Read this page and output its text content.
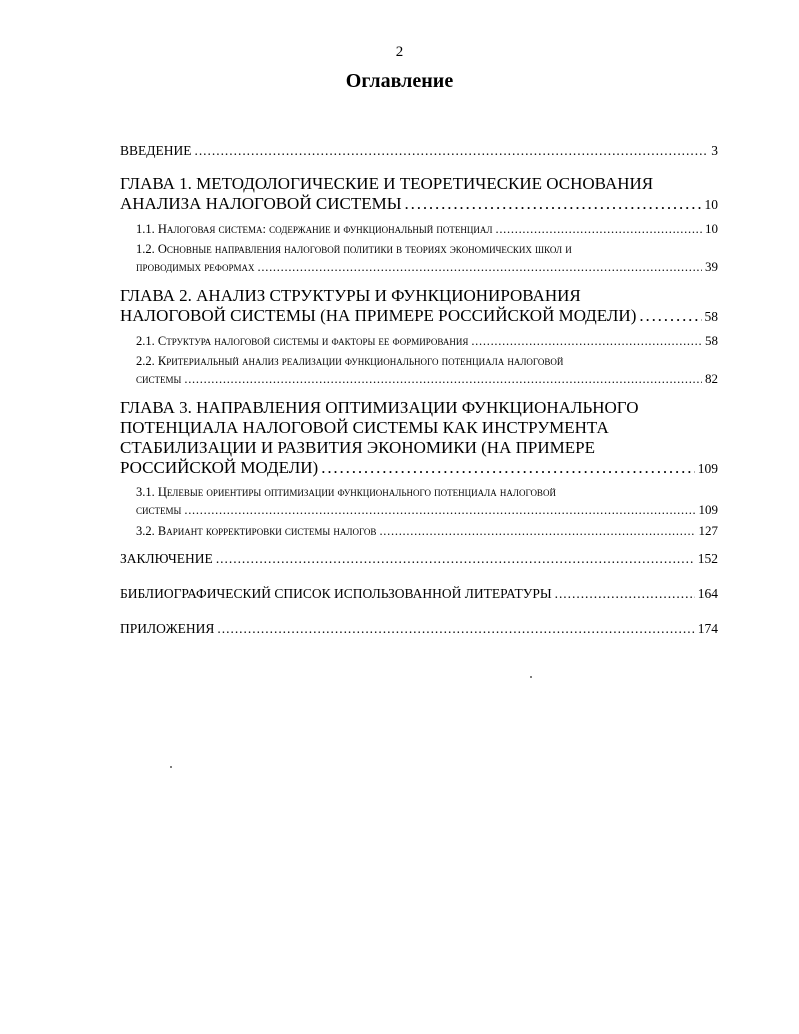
2
Оглавление
ВВЕДЕНИЕ . . .	3
ГЛАВА 1. МЕТОДОЛОГИЧЕСКИЕ И ТЕОРЕТИЧЕСКИЕ ОСНОВАНИЯ
АНАЛИЗА НАЛОГОВОЙ СИСТЕМЫ . . .	10
1.1. Налоговая система: содержание и функциональный потенциал . . .	10
1.2. Основные направления налоговой политики в теориях экономических школ и
проводимых реформах . . .	39
ГЛАВА 2. АНАЛИЗ СТРУКТУРЫ И ФУНКЦИОНИРОВАНИЯ
НАЛОГОВОЙ СИСТЕМЫ (НА ПРИМЕРЕ РОССИЙСКОЙ МОДЕЛИ) . . .	58
2.1. Структура налоговой системы и факторы ее формирования . . .	58
2.2. Критериальный анализ реализации функционального потенциала налоговой
системы . . .	82
ГЛАВА 3. НАПРАВЛЕНИЯ ОПТИМИЗАЦИИ ФУНКЦИОНАЛЬНОГО
ПОТЕНЦИАЛА НАЛОГОВОЙ СИСТЕМЫ КАК ИНСТРУМЕНТА
СТАБИЛИЗАЦИИ И РАЗВИТИЯ ЭКОНОМИКИ (НА ПРИМЕРЕ
РОССИЙСКОЙ МОДЕЛИ) . . .	109
3.1. Целевые ориентиры оптимизации функционального потенциала налоговой
системы . . .	109
3.2. Вариант корректировки системы налогов . . .	127
ЗАКЛЮЧЕНИЕ . . .	152
БИБЛИОГРАФИЧЕСКИЙ СПИСОК ИСПОЛЬЗОВАННОЙ ЛИТЕРАТУРЫ . . .	164
ПРИЛОЖЕНИЯ . . .	174
